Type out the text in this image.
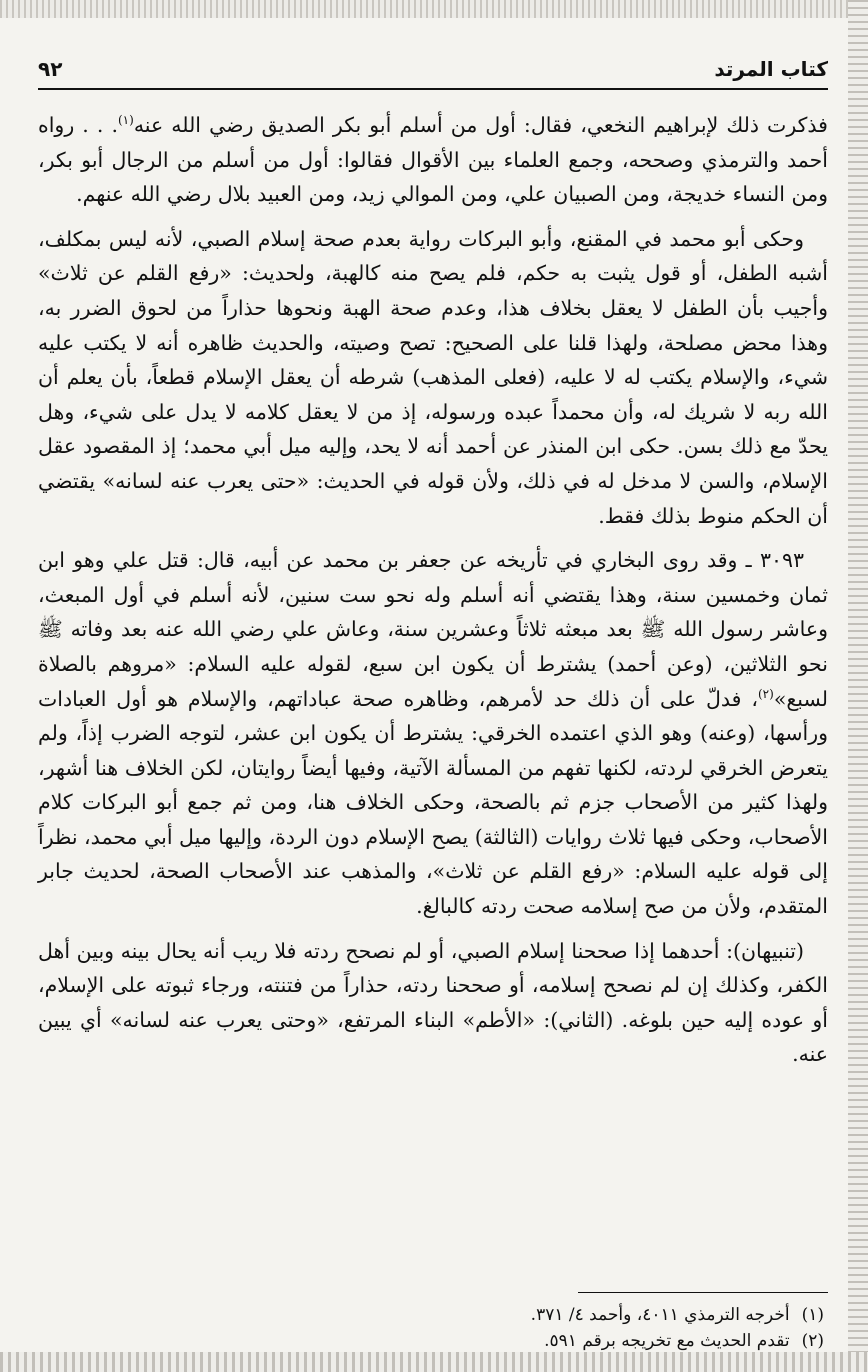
كتاب المرتد
٩٢

فذكرت ذلك لإبراهيم النخعي، فقال: أول من أسلم أبو بكر الصديق رضي الله عنه$^{(١)}$. . . رواه أحمد والترمذي وصححه، وجمع العلماء بين الأقوال فقالوا: أول من أسلم من الرجال أبو بكر، ومن النساء خديجة، ومن الصبيان علي، ومن الموالي زيد، ومن العبيد بلال رضي الله عنهم.

وحكى أبو محمد في المقنع، وأبو البركات رواية بعدم صحة إسلام الصبي، لأنه ليس بمكلف، أشبه الطفل، أو قول يثبت به حكم، فلم يصح منه كالهبة، ولحديث: «رفع القلم عن ثلاث» وأجيب بأن الطفل لا يعقل بخلاف هذا، وعدم صحة الهبة ونحوها حذاراً من لحوق الضرر به، وهذا محض مصلحة، ولهذا قلنا على الصحيح: تصح وصيته، والحديث ظاهره أنه لا يكتب عليه شيء، والإسلام يكتب له لا عليه، (فعلى المذهب) شرطه أن يعقل الإسلام قطعاً، بأن يعلم أن الله ربه لا شريك له، وأن محمداً عبده ورسوله، إذ من لا يعقل كلامه لا يدل على شيء، وهل يحدّ مع ذلك بسن. حكى ابن المنذر عن أحمد أنه لا يحد، وإليه ميل أبي محمد؛ إذ المقصود عقل الإسلام، والسن لا مدخل له في ذلك، ولأن قوله في الحديث: «حتى يعرب عنه لسانه» يقتضي أن الحكم منوط بذلك فقط.

٣٠٩٣ ـ وقد روى البخاري في تأريخه عن جعفر بن محمد عن أبيه، قال: قتل علي وهو ابن ثمان وخمسين سنة، وهذا يقتضي أنه أسلم وله نحو ست سنين، لأنه أسلم في أول المبعث، وعاشر رسول الله ﷺ بعد مبعثه ثلاثاً وعشرين سنة، وعاش علي رضي الله عنه بعد وفاته ﷺ نحو الثلاثين، (وعن أحمد) يشترط أن يكون ابن سبع، لقوله عليه السلام: «مروهم بالصلاة لسبع»$^{(٢)}$، فدلّ على أن ذلك حد لأمرهم، وظاهره صحة عباداتهم، والإسلام هو أول العبادات ورأسها، (وعنه) وهو الذي اعتمده الخرقي: يشترط أن يكون ابن عشر، لتوجه الضرب إذاً، ولم يتعرض الخرقي لردته، لكنها تفهم من المسألة الآتية، وفيها أيضاً روايتان، لكن الخلاف هنا أشهر، ولهذا كثير من الأصحاب جزم ثم بالصحة، وحكى الخلاف هنا، ومن ثم جمع أبو البركات كلام الأصحاب، وحكى فيها ثلاث روايات (الثالثة) يصح الإسلام دون الردة، وإليها ميل أبي محمد، نظراً إلى قوله عليه السلام: «رفع القلم عن ثلاث»، والمذهب عند الأصحاب الصحة، لحديث جابر المتقدم، ولأن من صح إسلامه صحت ردته كالبالغ.

(تنبيهان): أحدهما إذا صححنا إسلام الصبي، أو لم نصحح ردته فلا ريب أنه يحال بينه وبين أهل الكفر، وكذلك إن لم نصحح إسلامه، أو صححنا ردته، حذاراً من فتنته، ورجاء ثبوته على الإسلام، أو عوده إليه حين بلوغه. (الثاني): «الأطم» البناء المرتفع، «وحتى يعرب عنه لسانه» أي يبين عنه.

(١)
أخرجه الترمذي ٤٠١١، وأحمد ٤/ ٣٧١.
(٢)
تقدم الحديث مع تخريجه برقم ٥٩١.
